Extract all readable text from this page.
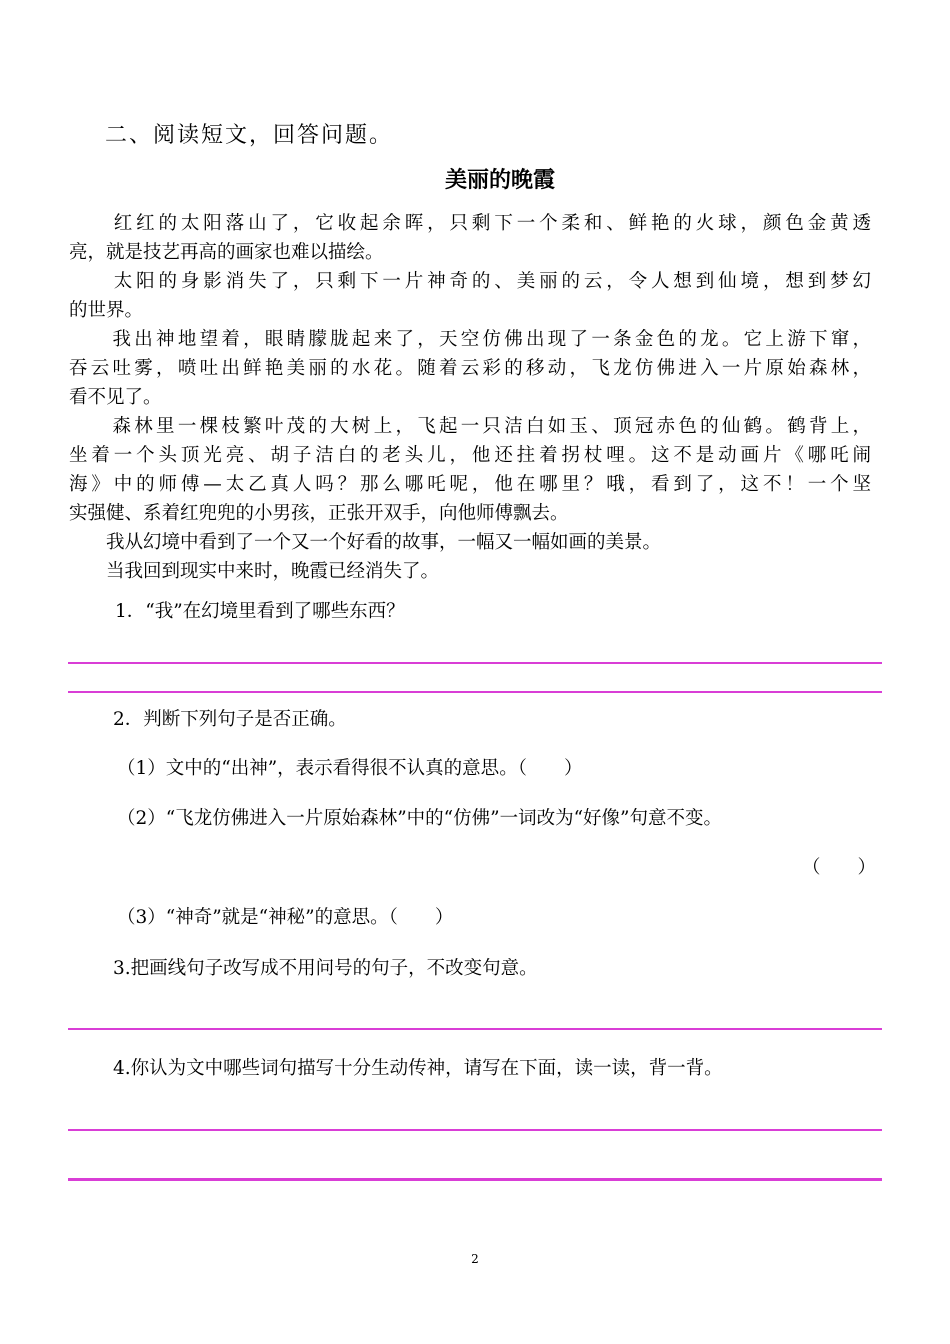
二、阅读短文，回答问题。
美丽的晚霞
　　红红的太阳落山了，它收起余晖，只剩下一个柔和、鲜艳的火球，颜色金黄透
亮，就是技艺再高的画家也难以描绘。
　　太阳的身影消失了，只剩下一片神奇的、美丽的云，令人想到仙境，想到梦幻
的世界。
　　我出神地望着，眼睛朦胧起来了，天空仿佛出现了一条金色的龙。它上游下窜，
吞云吐雾，喷吐出鲜艳美丽的水花。随着云彩的移动，飞龙仿佛进入一片原始森林，
看不见了。
　　森林里一棵枝繁叶茂的大树上，飞起一只洁白如玉、顶冠赤色的仙鹤。鹤背上，
坐着一个头顶光亮、胡子洁白的老头儿，他还拄着拐杖哩。这不是动画片《哪吒闹
海》中的师傅—太乙真人吗？那么哪吒呢，他在哪里？哦，看到了，这不！一个坚
实强健、系着红兜兜的小男孩，正张开双手，向他师傅飘去。
　　我从幻境中看到了一个又一个好看的故事，一幅又一幅如画的美景。
　　当我回到现实中来时，晚霞已经消失了。
1．“我”在幻境里看到了哪些东西？
2．判断下列句子是否正确。
（1）文中的“出神”，表示看得很不认真的意思。（　　）
（2）“飞龙仿佛进入一片原始森林”中的“仿佛”一词改为“好像”句意不变。
（　　）
（3）“神奇”就是“神秘”的意思。（　　）
3.把画线句子改写成不用问号的句子，不改变句意。
4.你认为文中哪些词句描写十分生动传神，请写在下面，读一读，背一背。
2
